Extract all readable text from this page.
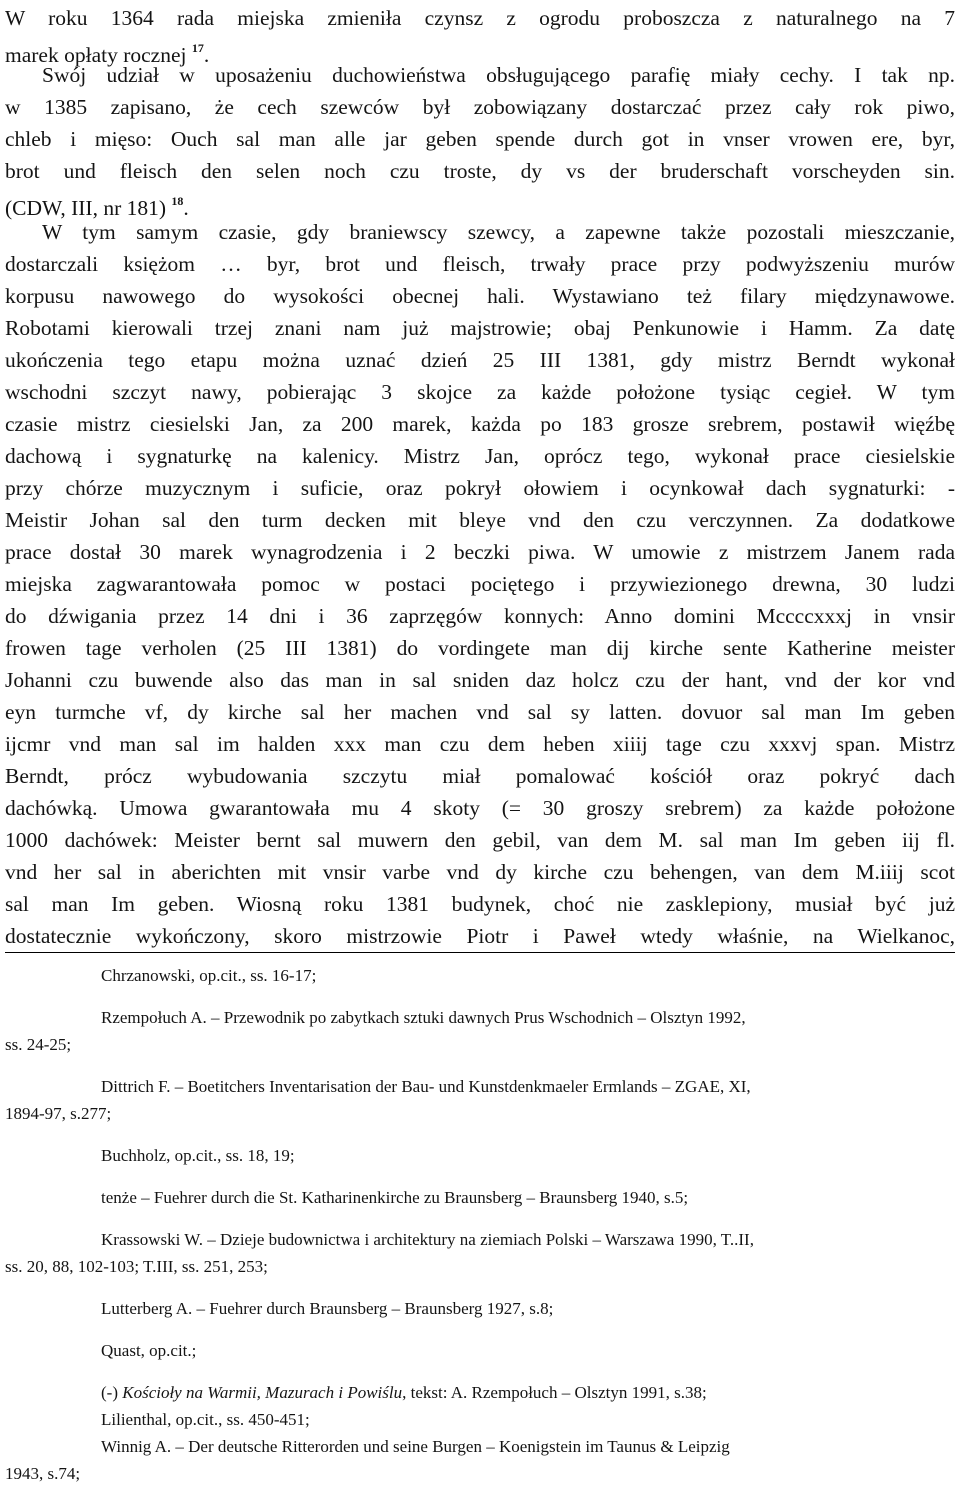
W roku 1364 rada miejska zmieniła czynsz z ogrodu proboszcza z naturalnego na 7
marek opłaty rocznej $^{17}$.
Swój udział w uposażeniu duchowieństwa obsługującego parafię miały cechy. I tak np.
w 1385 zapisano, że cech szewców był zobowiązany dostarczać przez cały rok piwo,
chleb i mięso: Ouch sal man alle jar geben spende durch got in vnser vrowen ere, byr,
brot und fleisch den selen noch czu troste, dy vs der bruderschaft vorscheyden sin.
(CDW, III, nr 181) $^{18}$.
W tym samym czasie, gdy braniewscy szewcy, a zapewne także pozostali mieszczanie,
dostarczali księżom … byr, brot und fleisch, trwały prace przy podwyższeniu murów
korpusu nawowego do wysokości obecnej hali. Wystawiano też filary międzynawowe.
Robotami kierowali trzej znani nam już majstrowie; obaj Penkunowie i Hamm. Za datę
ukończenia tego etapu można uznać dzień 25 III 1381, gdy mistrz Berndt wykonał
wschodni szczyt nawy, pobierając 3 skojce za każde położone tysiąc cegieł. W tym
czasie mistrz ciesielski Jan, za 200 marek, każda po 183 grosze srebrem, postawił więźbę
dachową i sygnaturkę na kalenicy. Mistrz Jan, oprócz tego, wykonał prace ciesielskie
przy chórze muzycznym i suficie, oraz pokrył ołowiem i ocynkował dach sygnaturki: -
Meistir Johan sal den turm decken mit bleye vnd den czu verczynnen. Za dodatkowe
prace dostał 30 marek wynagrodzenia i 2 beczki piwa. W umowie z mistrzem Janem rada
miejska zagwarantowała pomoc w postaci pociętego i przywiezionego drewna, 30 ludzi
do dźwigania przez 14 dni i 36 zaprzęgów konnych: Anno domini Mccccxxxj in vnsir
frowen tage verholen (25 III 1381) do vordingete man dij kirche sente Katherine meister
Johanni czu buwende also das man in sal sniden daz holcz czu der hant, vnd der kor vnd
eyn turmche vf, dy kirche sal her machen vnd sal sy latten. dovuor sal man Im geben
ijcmr vnd man sal im halden xxx man czu dem heben xiiij tage czu xxxvj span. Mistrz
Berndt, prócz wybudowania szczytu miał pomalować kościół oraz pokryć dach
dachówką. Umowa gwarantowała mu 4 skoty (= 30 groszy srebrem) za każde położone
1000 dachówek: Meister bernt sal muwern den gebil, van dem M. sal man Im geben iij fl.
vnd her sal in aberichten mit vnsir varbe vnd dy kirche czu behengen, van dem M.iiij scot
sal man Im geben. Wiosną roku 1381 budynek, choć nie zasklepiony, musiał być już
dostatecznie wykończony, skoro mistrzowie Piotr i Paweł wtedy właśnie, na Wielkanoc,
Chrzanowski, op.cit., ss. 16-17;
Rzempołuch A. – Przewodnik po zabytkach sztuki dawnych Prus Wschodnich – Olsztyn 1992,
ss. 24-25;
Dittrich F. – Boetitchers Inventarisation der Bau- und Kunstdenkmaeler Ermlands – ZGAE, XI,
1894-97, s.277;
Buchholz, op.cit., ss. 18, 19;
tenże – Fuehrer durch die St. Katharinenkirche zu Braunsberg – Braunsberg 1940, s.5;
Krassowski W. – Dzieje budownictwa i architektury na ziemiach Polski – Warszawa 1990, T..II,
ss. 20, 88, 102-103; T.III, ss. 251, 253;
Lutterberg A. – Fuehrer durch Braunsberg – Braunsberg 1927, s.8;
Quast, op.cit.;
(-) Kościoły na Warmii, Mazurach i Powiślu, tekst: A. Rzempołuch – Olsztyn 1991, s.38;
Lilienthal, op.cit., ss. 450-451;
Winnig A. – Der deutsche Ritterorden und seine Burgen – Koenigstein im Taunus & Leipzig
1943, s.74;
